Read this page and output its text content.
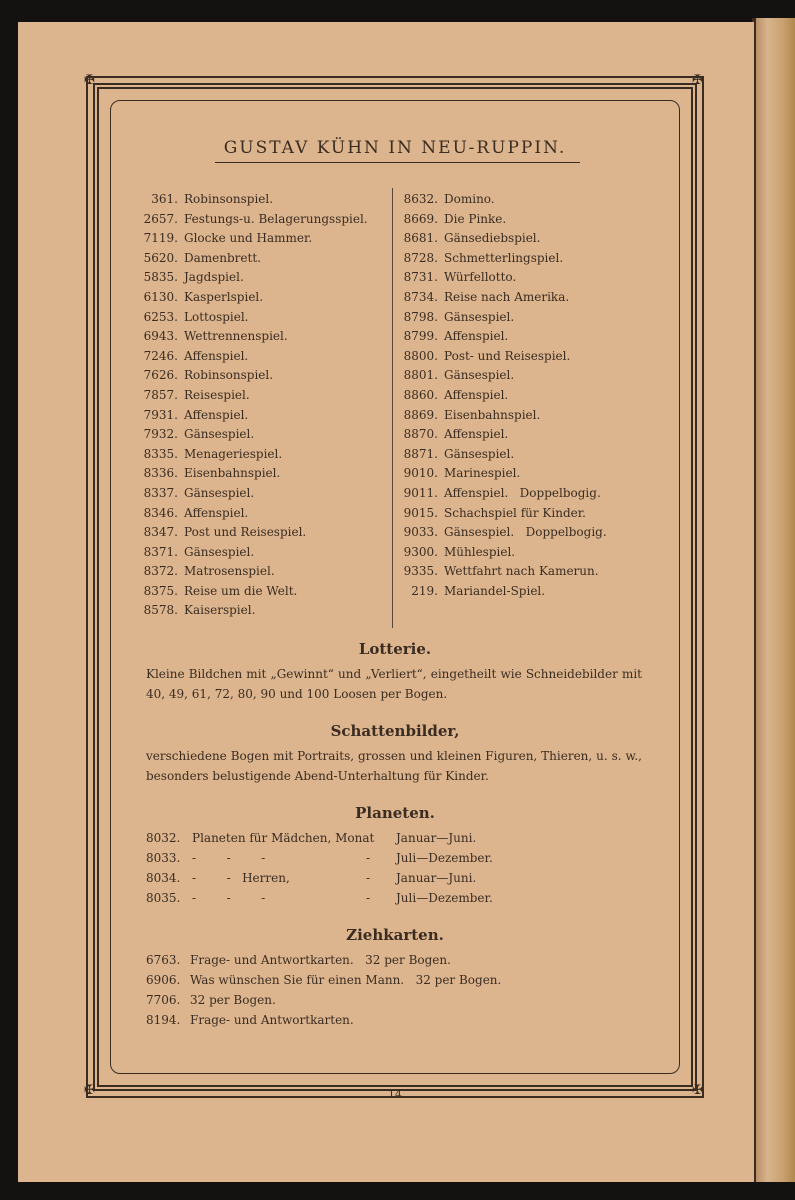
✠	✠
✠	✠
GUSTAV KÜHN IN NEU-RUPPIN.
361. Robinsonspiel.
2657. Festungs-u. Belagerungsspiel.
7119. Glocke und Hammer.
5620. Damenbrett.
5835. Jagdspiel.
6130. Kasperlspiel.
6253. Lottospiel.
6943. Wettrennenspiel.
7246. Affenspiel.
7626. Robinsonspiel.
7857. Reisespiel.
7931. Affenspiel.
7932. Gänsespiel.
8335. Menageriespiel.
8336. Eisenbahnspiel.
8337. Gänsespiel.
8346. Affenspiel.
8347. Post und Reisespiel.
8371. Gänsespiel.
8372. Matrosenspiel.
8375. Reise um die Welt.
8578. Kaiserspiel.
8632. Domino.
8669. Die Pinke.
8681. Gänsediebspiel.
8728. Schmetterlingspiel.
8731. Würfellotto.
8734. Reise nach Amerika.
8798. Gänsespiel.
8799. Affenspiel.
8800. Post- und Reisespiel.
8801. Gänsespiel.
8860. Affenspiel.
8869. Eisenbahnspiel.
8870. Affenspiel.
8871. Gänsespiel.
9010. Marinespiel.
9011. Affenspiel.   Doppelbogig.
9015. Schachspiel für Kinder.
9033. Gänsespiel.   Doppelbogig.
9300. Mühlespiel.
9335. Wettfahrt nach Kamerun.
219. Mariandel-Spiel.
Lotterie.
Kleine Bildchen mit „Gewinnt“ und „Verliert“, eingetheilt wie Schneidebilder mit 40, 49, 61, 72, 80, 90 und 100 Loosen per Bogen.
Schattenbilder,
verschiedene Bogen mit Portraits, grossen und kleinen Figuren, Thieren, u. s. w., besonders belustigende Abend-Unterhaltung für Kinder.
Planeten.
8032. Planeten für Mädchen, Monat Januar—Juni.
8033. -        -        -	- Juli—Dezember.
8034. -        -   Herren,	- Januar—Juni.
8035. -        -        -	- Juli—Dezember.
Ziehkarten.
6763. Frage- und Antwortkarten.   32 per Bogen.
6906. Was wünschen Sie für einen Mann.   32 per Bogen.
7706. 32 per Bogen.
8194. Frage- und Antwortkarten.
14
